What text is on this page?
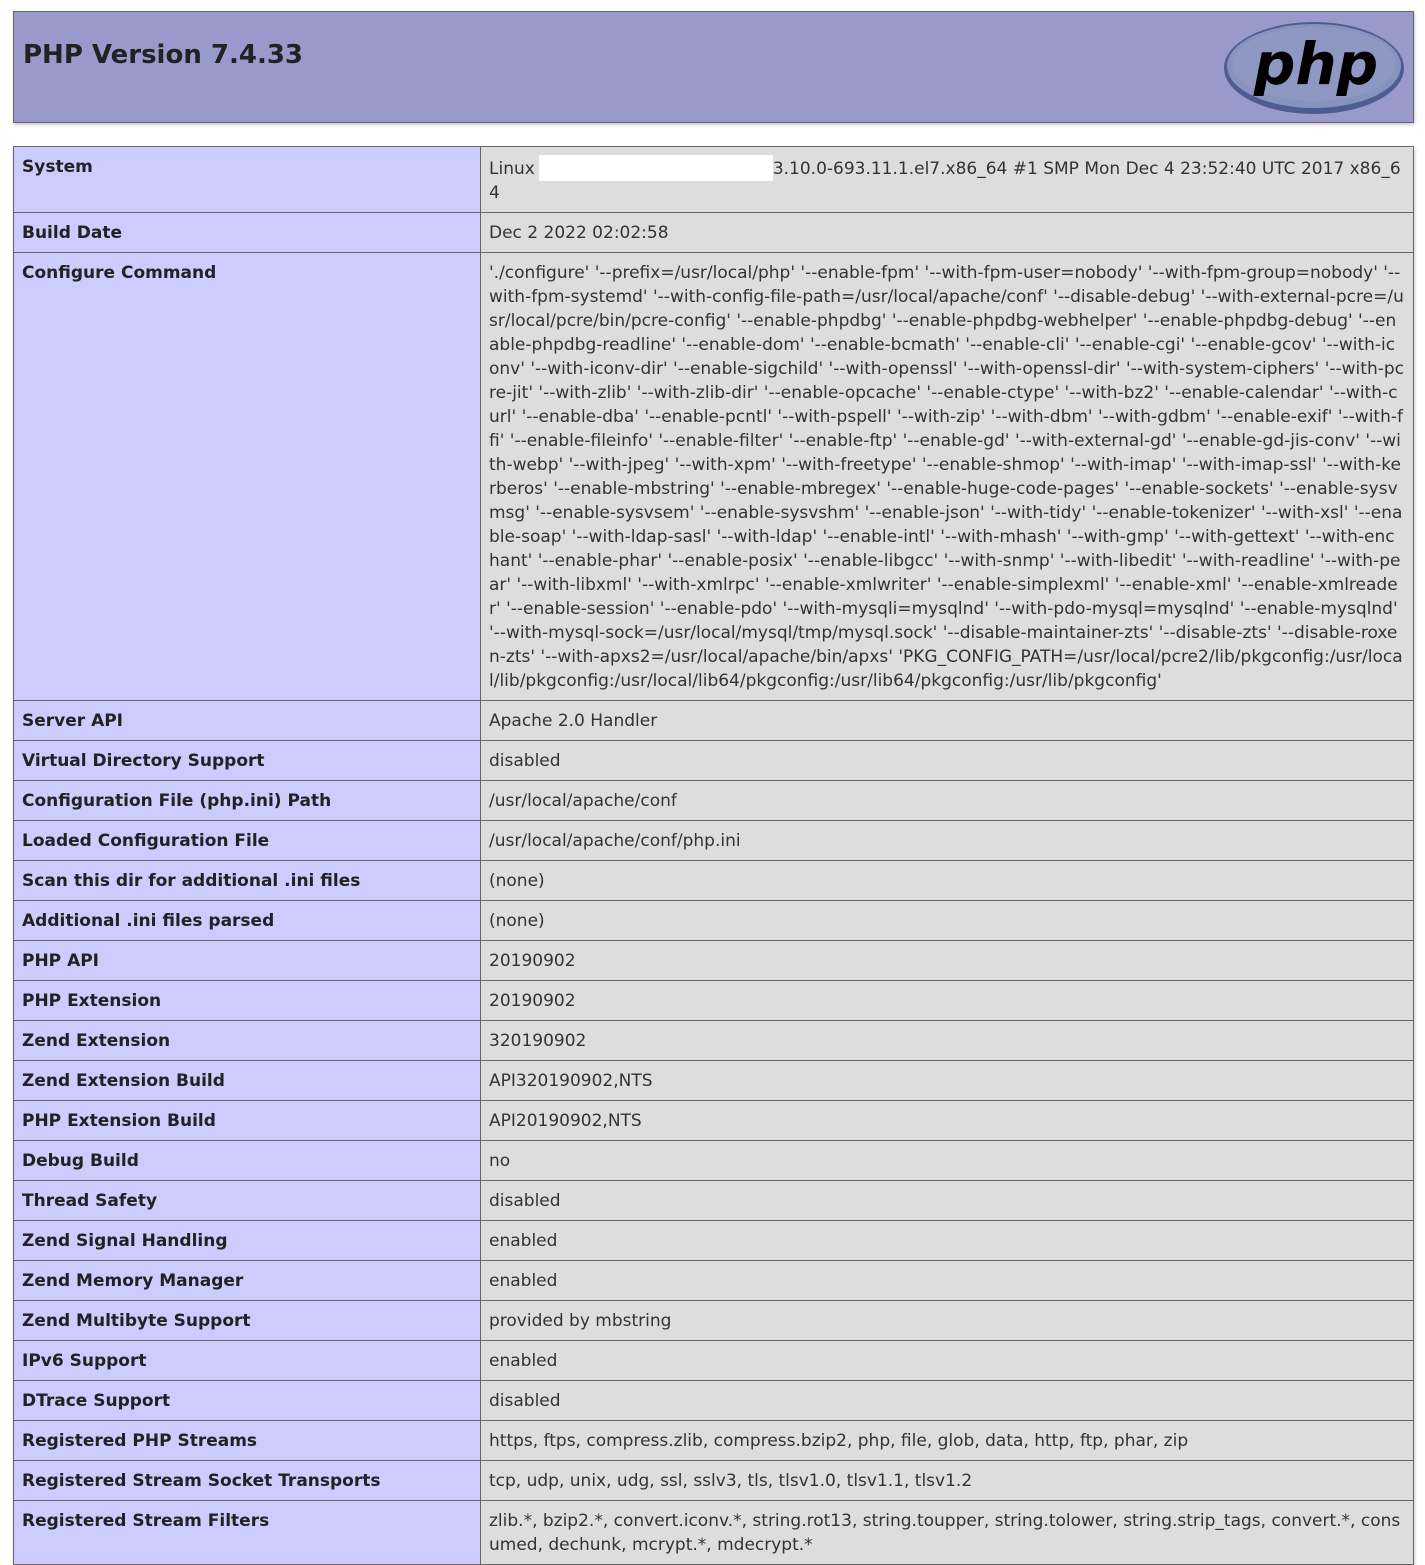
PHP Version 7.4.33	php
System	Linux 3.10.0-693.11.1.el7.x86_64 #1 SMP Mon Dec 4 23:52:40 UTC 2017 x86_64
Build Date	Dec 2 2022 02:02:58
Configure Command	'./configure' '--prefix=/usr/local/php' '--enable-fpm' '--with-fpm-user=nobody' '--with-fpm-group=nobody' '--with-fpm-systemd' '--with-config-file-path=/usr/local/apache/conf' '--disable-debug' '--with-external-pcre=/usr/local/pcre/bin/pcre-config' '--enable-phpdbg' '--enable-phpdbg-webhelper' '--enable-phpdbg-debug' '--enable-phpdbg-readline' '--enable-dom' '--enable-bcmath' '--enable-cli' '--enable-cgi' '--enable-gcov' '--with-iconv' '--with-iconv-dir' '--enable-sigchild' '--with-openssl' '--with-openssl-dir' '--with-system-ciphers' '--with-pcre-jit' '--with-zlib' '--with-zlib-dir' '--enable-opcache' '--enable-ctype' '--with-bz2' '--enable-calendar' '--with-curl' '--enable-dba' '--enable-pcntl' '--with-pspell' '--with-zip' '--with-dbm' '--with-gdbm' '--enable-exif' '--with-ffi' '--enable-fileinfo' '--enable-filter' '--enable-ftp' '--enable-gd' '--with-external-gd' '--enable-gd-jis-conv' '--with-webp' '--with-jpeg' '--with-xpm' '--with-freetype' '--enable-shmop' '--with-imap' '--with-imap-ssl' '--with-kerberos' '--enable-mbstring' '--enable-mbregex' '--enable-huge-code-pages' '--enable-sockets' '--enable-sysvmsg' '--enable-sysvsem' '--enable-sysvshm' '--enable-json' '--with-tidy' '--enable-tokenizer' '--with-xsl' '--enable-soap' '--with-ldap-sasl' '--with-ldap' '--enable-intl' '--with-mhash' '--with-gmp' '--with-gettext' '--with-enchant' '--enable-phar' '--enable-posix' '--enable-libgcc' '--with-snmp' '--with-libedit' '--with-readline' '--with-pear' '--with-libxml' '--with-xmlrpc' '--enable-xmlwriter' '--enable-simplexml' '--enable-xml' '--enable-xmlreader' '--enable-session' '--enable-pdo' '--with-mysqli=mysqlnd' '--with-pdo-mysql=mysqlnd' '--enable-mysqlnd' '--with-mysql-sock=/usr/local/mysql/tmp/mysql.sock' '--disable-maintainer-zts' '--disable-zts' '--disable-roxen-zts' '--with-apxs2=/usr/local/apache/bin/apxs' 'PKG_CONFIG_PATH=/usr/local/pcre2/lib/pkgconfig:/usr/local/lib/pkgconfig:/usr/local/lib64/pkgconfig:/usr/lib64/pkgconfig:/usr/lib/pkgconfig'
Server API	Apache 2.0 Handler
Virtual Directory Support	disabled
Configuration File (php.ini) Path	/usr/local/apache/conf
Loaded Configuration File	/usr/local/apache/conf/php.ini
Scan this dir for additional .ini files	(none)
Additional .ini files parsed	(none)
PHP API	20190902
PHP Extension	20190902
Zend Extension	320190902
Zend Extension Build	API320190902,NTS
PHP Extension Build	API20190902,NTS
Debug Build	no
Thread Safety	disabled
Zend Signal Handling	enabled
Zend Memory Manager	enabled
Zend Multibyte Support	provided by mbstring
IPv6 Support	enabled
DTrace Support	disabled
Registered PHP Streams	https, ftps, compress.zlib, compress.bzip2, php, file, glob, data, http, ftp, phar, zip
Registered Stream Socket Transports	tcp, udp, unix, udg, ssl, sslv3, tls, tlsv1.0, tlsv1.1, tlsv1.2
Registered Stream Filters	zlib.*, bzip2.*, convert.iconv.*, string.rot13, string.toupper, string.tolower, string.strip_tags, convert.*, consumed, dechunk, mcrypt.*, mdecrypt.*
